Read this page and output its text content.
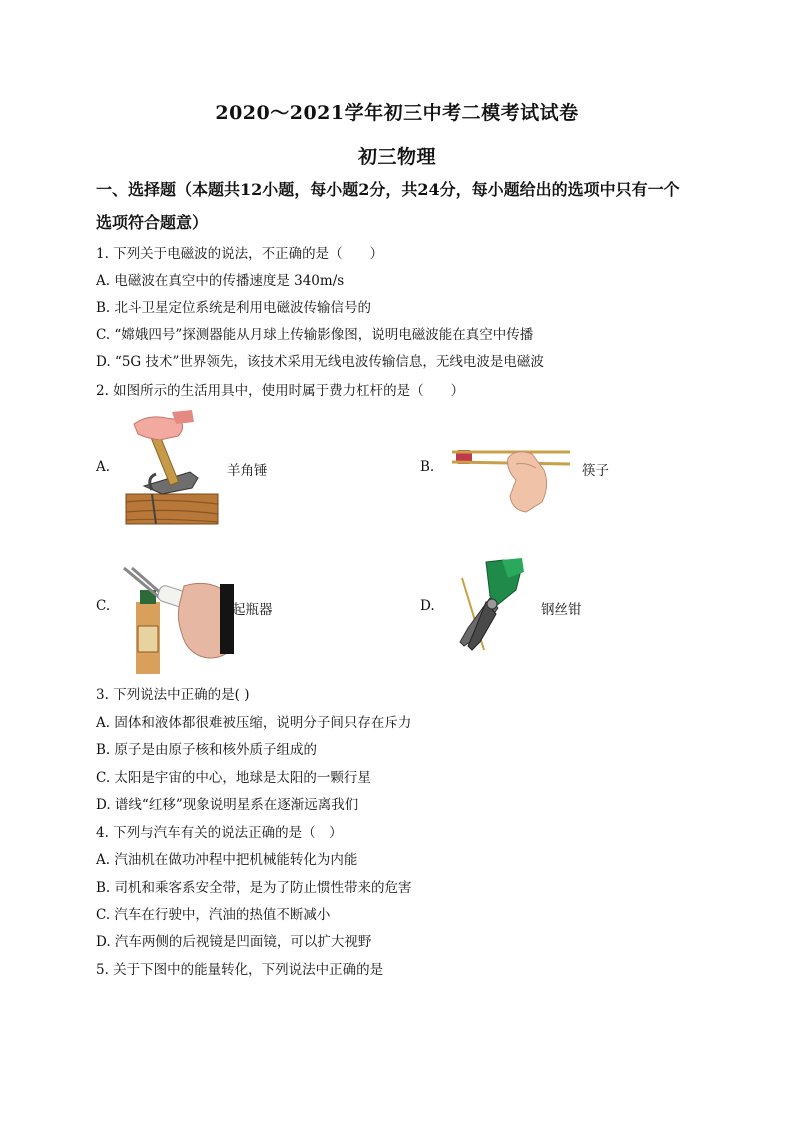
2020～2021学年初三中考二模考试试卷
初三物理
一、选择题（本题共12小题，每小题2分，共24分，每小题给出的选项中只有一个
选项符合题意）
1. 下列关于电磁波的说法，不正确的是（　　）
A. 电磁波在真空中的传播速度是 340m/s
B. 北斗卫星定位系统是利用电磁波传输信号的
C. “嫦娥四号”探测器能从月球上传输影像图，说明电磁波能在真空中传播
D. “5G 技术”世界领先，该技术采用无线电波传输信息，无线电波是电磁波
2. 如图所示的生活用具中，使用时属于费力杠杆的是（　　）
A.	羊角锤	B.	筷子
C.	起瓶器	D.	钢丝钳
3. 下列说法中正确的是( )
A. 固体和液体都很难被压缩，说明分子间只存在斥力
B. 原子是由原子核和核外质子组成的
C. 太阳是宇宙的中心，地球是太阳的一颗行星
D. 谱线“红移”现象说明星系在逐渐远离我们
4. 下列与汽车有关的说法正确的是（　）
A. 汽油机在做功冲程中把机械能转化为内能
B. 司机和乘客系安全带，是为了防止惯性带来的危害
C. 汽车在行驶中，汽油的热值不断减小
D. 汽车两侧的后视镜是凹面镜，可以扩大视野
5. 关于下图中的能量转化，下列说法中正确的是
